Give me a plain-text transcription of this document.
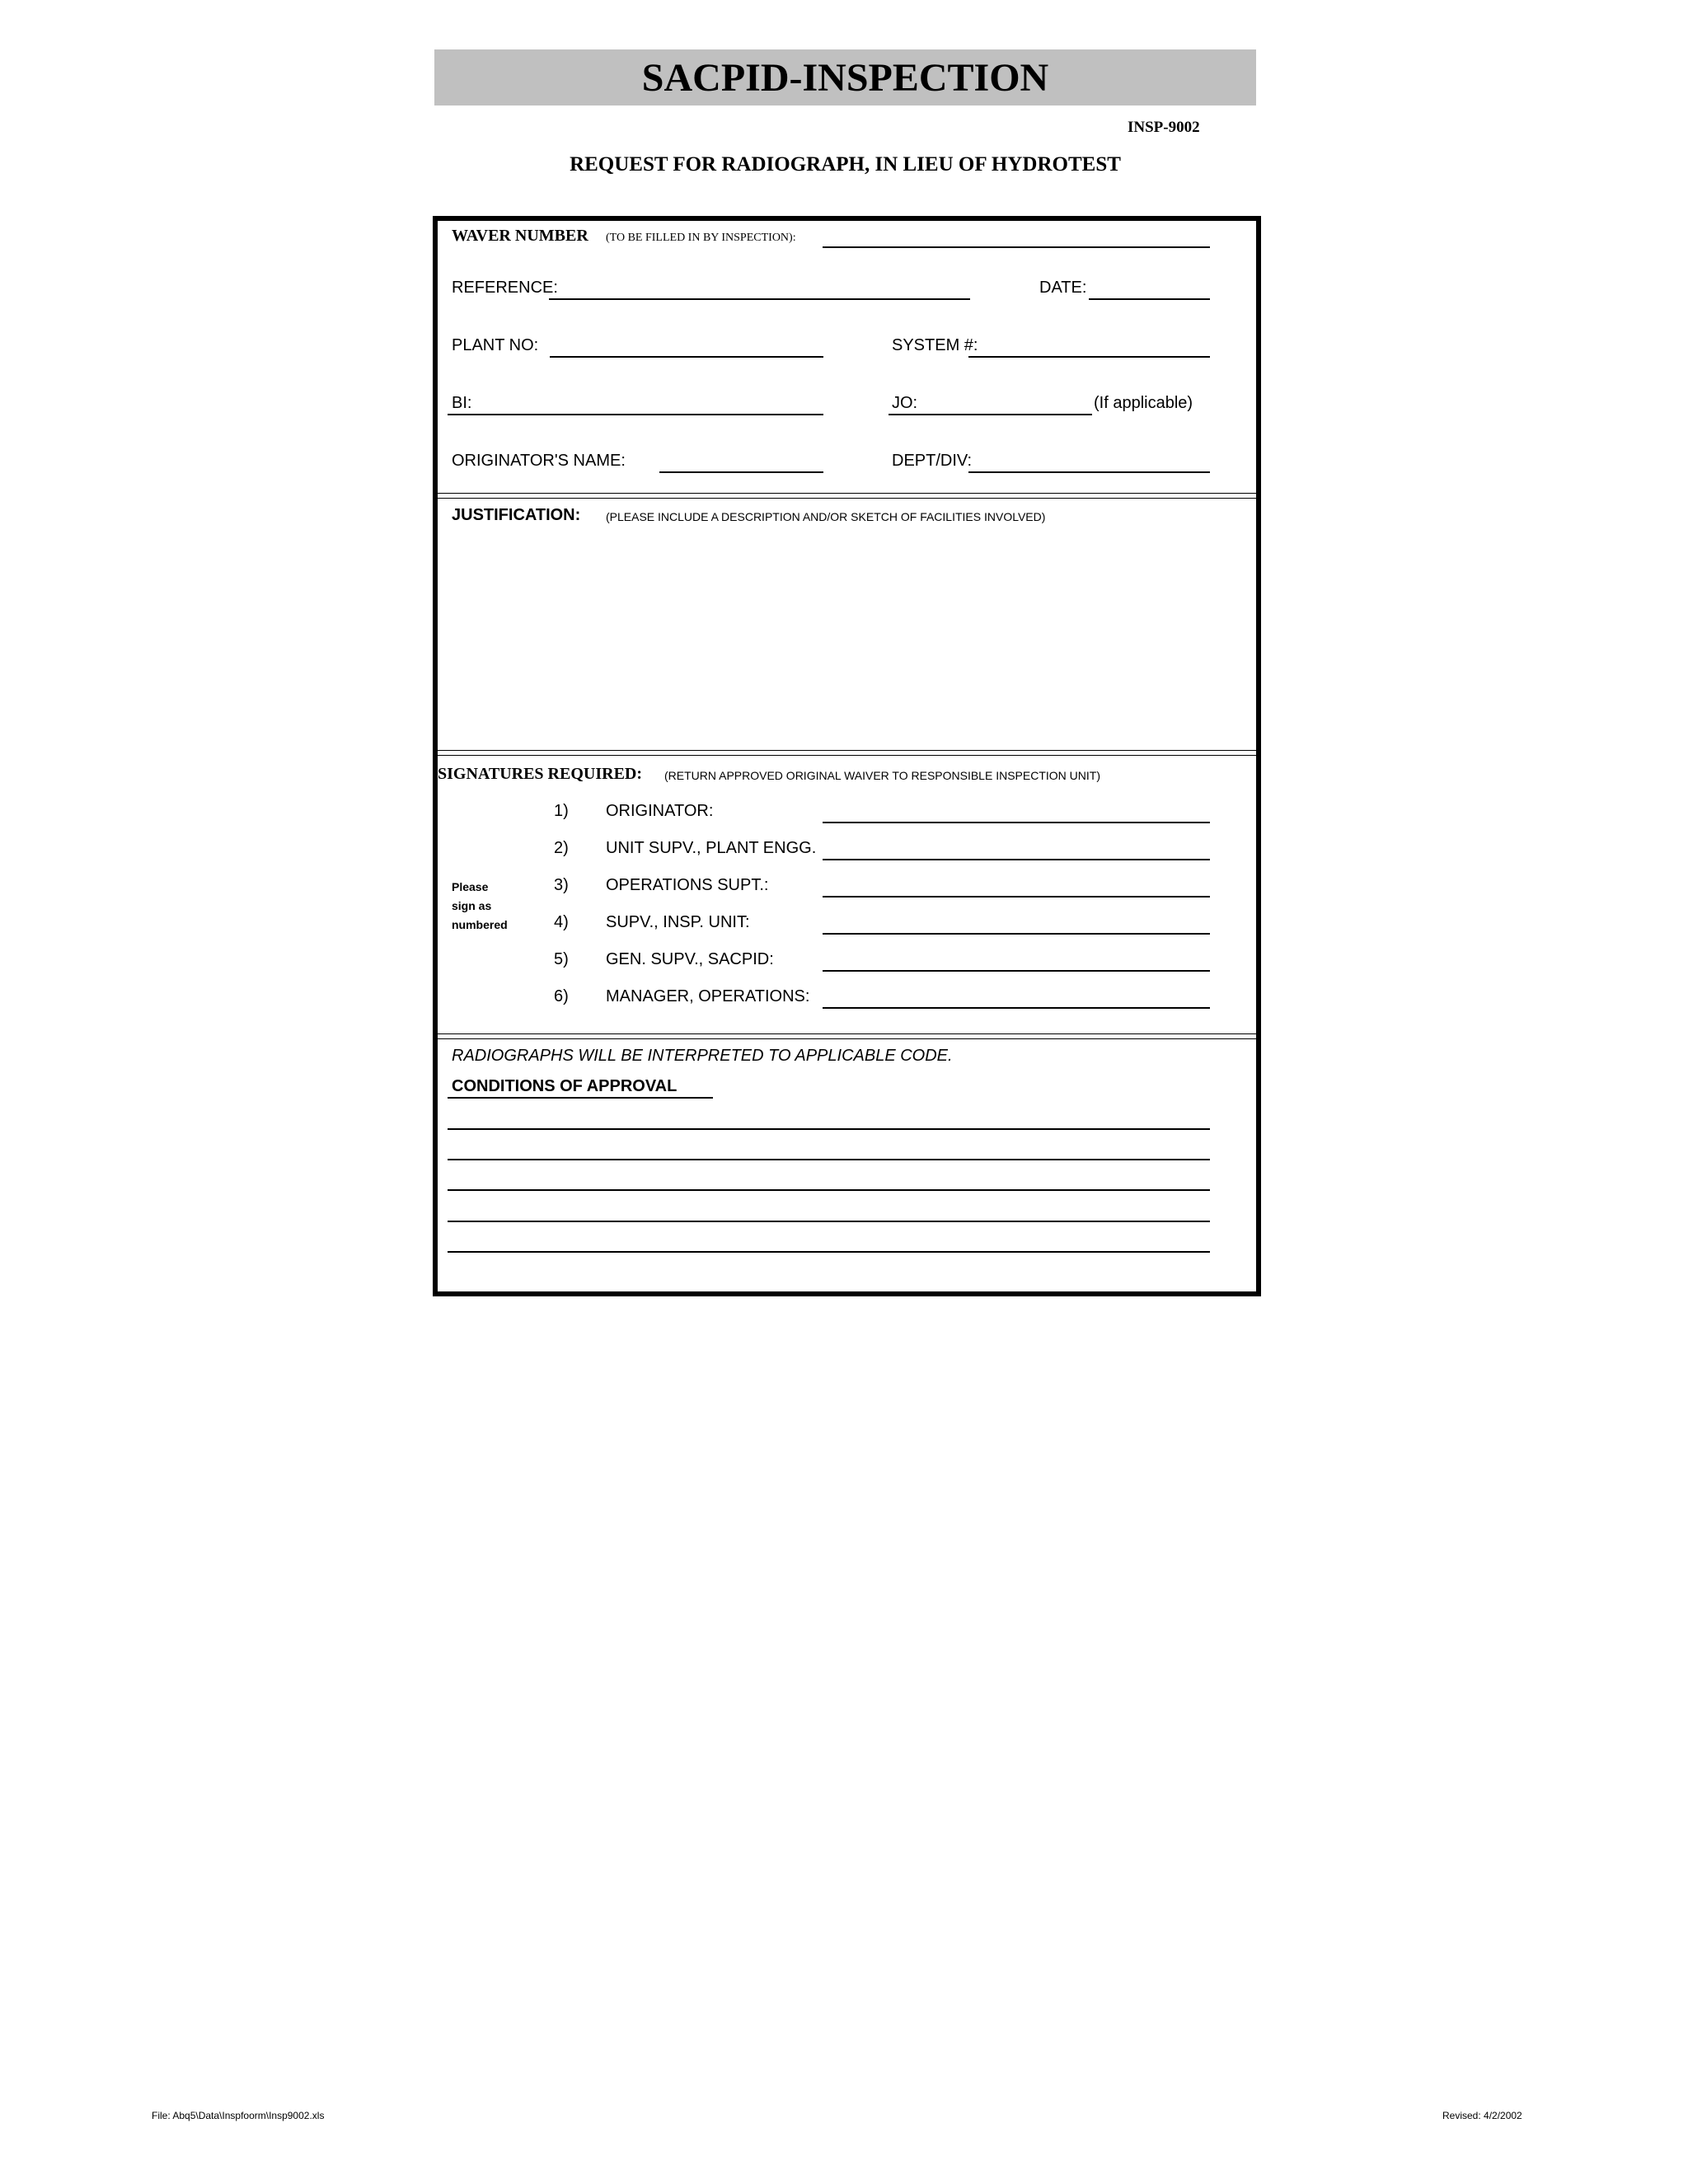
SACPID-INSPECTION
INSP-9002
REQUEST FOR RADIOGRAPH, IN LIEU OF HYDROTEST
WAVER NUMBER (TO BE FILLED IN BY INSPECTION):
REFERENCE:	DATE:
PLANT NO:	SYSTEM #:
BI:	JO:	(If applicable)
ORIGINATOR'S NAME:	DEPT/DIV:
JUSTIFICATION: (PLEASE INCLUDE A DESCRIPTION AND/OR SKETCH OF FACILITIES INVOLVED)
SIGNATURES REQUIRED: (RETURN APPROVED ORIGINAL WAIVER TO RESPONSIBLE INSPECTION UNIT)
Please
sign as
numbered
1) ORIGINATOR:
2) UNIT SUPV., PLANT ENGG.
3) OPERATIONS SUPT.:
4) SUPV., INSP. UNIT:
5) GEN. SUPV., SACPID:
6) MANAGER, OPERATIONS:
RADIOGRAPHS WILL BE INTERPRETED TO APPLICABLE CODE.
CONDITIONS OF APPROVAL
File: Abq5\Data\Inspfoorm\Insp9002.xls	Revised: 4/2/2002
